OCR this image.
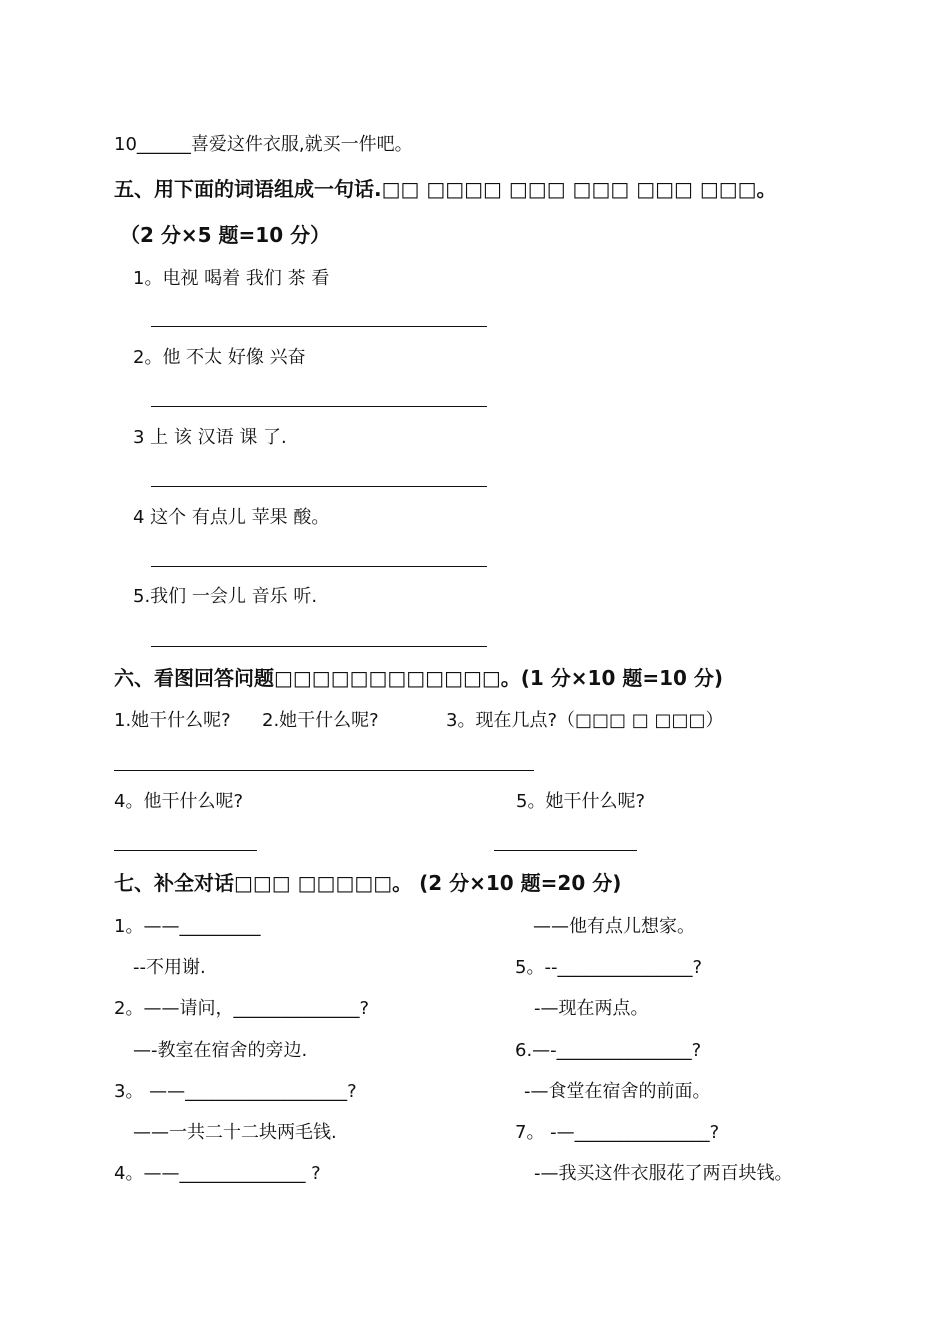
10______喜爱这件衣服,就买一件吧。
五、用下面的词语组成一句话.□□ □□□□ □□□ □□□ □□□ □□□。
（2 分×5 题=10 分）
1。电视 喝着 我们 茶 看
2。他 不太 好像 兴奋
3 上 该 汉语 课 了.
4 这个 有点儿 苹果 酸。
5.我们 一会儿 音乐 听.
六、看图回答问题□□□□□□□□□□□□。(1 分×10 题=10 分)
1.她干什么呢? 2.她干什么呢?	3。现在几点?（□□□ □ □□□）
4。他干什么呢?	5。她干什么呢?
七、补全对话□□□ □□□□□。 (2 分×10 题=20 分)
1。——_________
--不用谢.
2。——请问，______________?
—-教室在宿舍的旁边.
3。 ——__________________?
——一共二十二块两毛钱.
4。——______________ ?
——他有点儿想家。
5。--_______________?
-—现在两点。
6.—-_______________?
-—食堂在宿舍的前面。
7。 -—_______________?
-—我买这件衣服花了两百块钱。
